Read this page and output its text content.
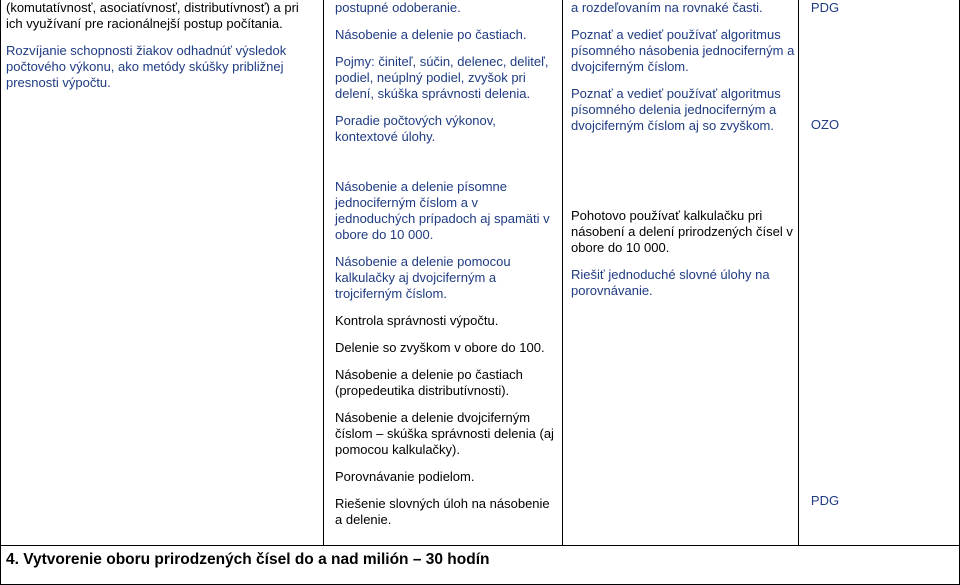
(komutatívnosť, asociatívnosť, distributívnosť) a pri ich využívaní pre racionálnejší postup počítania.

Rozvíjanie schopnosti žiakov odhadnúť výsledok počtového výkonu, ako metódy skúšky približnej presnosti výpočtu.

postupné odoberanie.

Násobenie a delenie po častiach.

Pojmy: činiteľ, súčin, delenec, deliteľ, podiel, neúplný podiel, zvyšok pri delení, skúška správnosti delenia.

Poradie počtových výkonov, kontextové úlohy.

Násobenie a delenie písomne jednociferným číslom a v jednoduchých prípadoch aj spamäti v obore do 10 000.

Násobenie a delenie pomocou kalkulačky aj dvojciferným a trojciferným číslom.

Kontrola správnosti výpočtu.

Delenie so zvyškom v obore do 100.

Násobenie a delenie po častiach (propedeutika distributívnosti).

Násobenie a delenie dvojciferným číslom – skúška správnosti delenia (aj pomocou kalkulačky).

Porovnávanie podielom.

Riešenie slovných úloh na násobenie a delenie.

a rozdeľovaním na rovnaké časti.

Poznať a vedieť používať algoritmus písomného násobenia jednociferným a dvojciferným číslom.

Poznať a vedieť používať algoritmus písomného delenia jednociferným a dvojciferným číslom aj so zvyškom.

Pohotovo používať kalkulačku pri násobení a delení prirodzených čísel v obore do 10 000.

Riešiť jednoduché slovné úlohy na porovnávanie.

PDG
OZO
PDG
4. Vytvorenie oboru prirodzených čísel do a nad milión – 30 hodín
